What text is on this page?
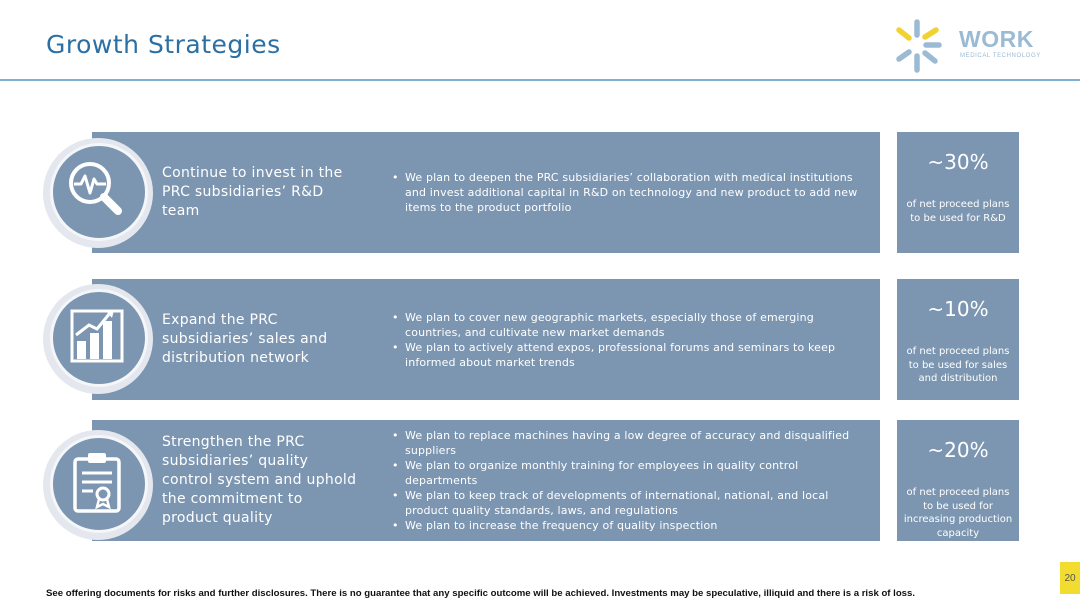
Growth Strategies	WORK
MEDICAL TECHNOLOGY
Continue to invest in the PRC subsidiaries’ R&D team
• We plan to deepen the PRC subsidiaries’ collaboration with medical institutions and invest additional capital in R&D on technology and new product to add new items to the product portfolio
~30%
of net proceed plans to be used for R&D
Expand the PRC subsidiaries’ sales and distribution network
• We plan to cover new geographic markets, especially those of emerging countries, and cultivate new market demands
• We plan to actively attend expos, professional forums and seminars to keep informed about market trends
~10%
of net proceed plans to be used for sales and distribution
Strengthen the PRC subsidiaries’ quality control system and uphold the commitment to product quality
• We plan to replace machines having a low degree of accuracy and disqualified suppliers
• We plan to organize monthly training for employees in quality control departments
• We plan to keep track of developments of international, national, and local product quality standards, laws, and regulations
• We plan to increase the frequency of quality inspection
~20%
of net proceed plans to be used for increasing production capacity
See offering documents for risks and further disclosures. There is no guarantee that any specific outcome will be achieved. Investments may be speculative, illiquid and there is a risk of loss.
20
